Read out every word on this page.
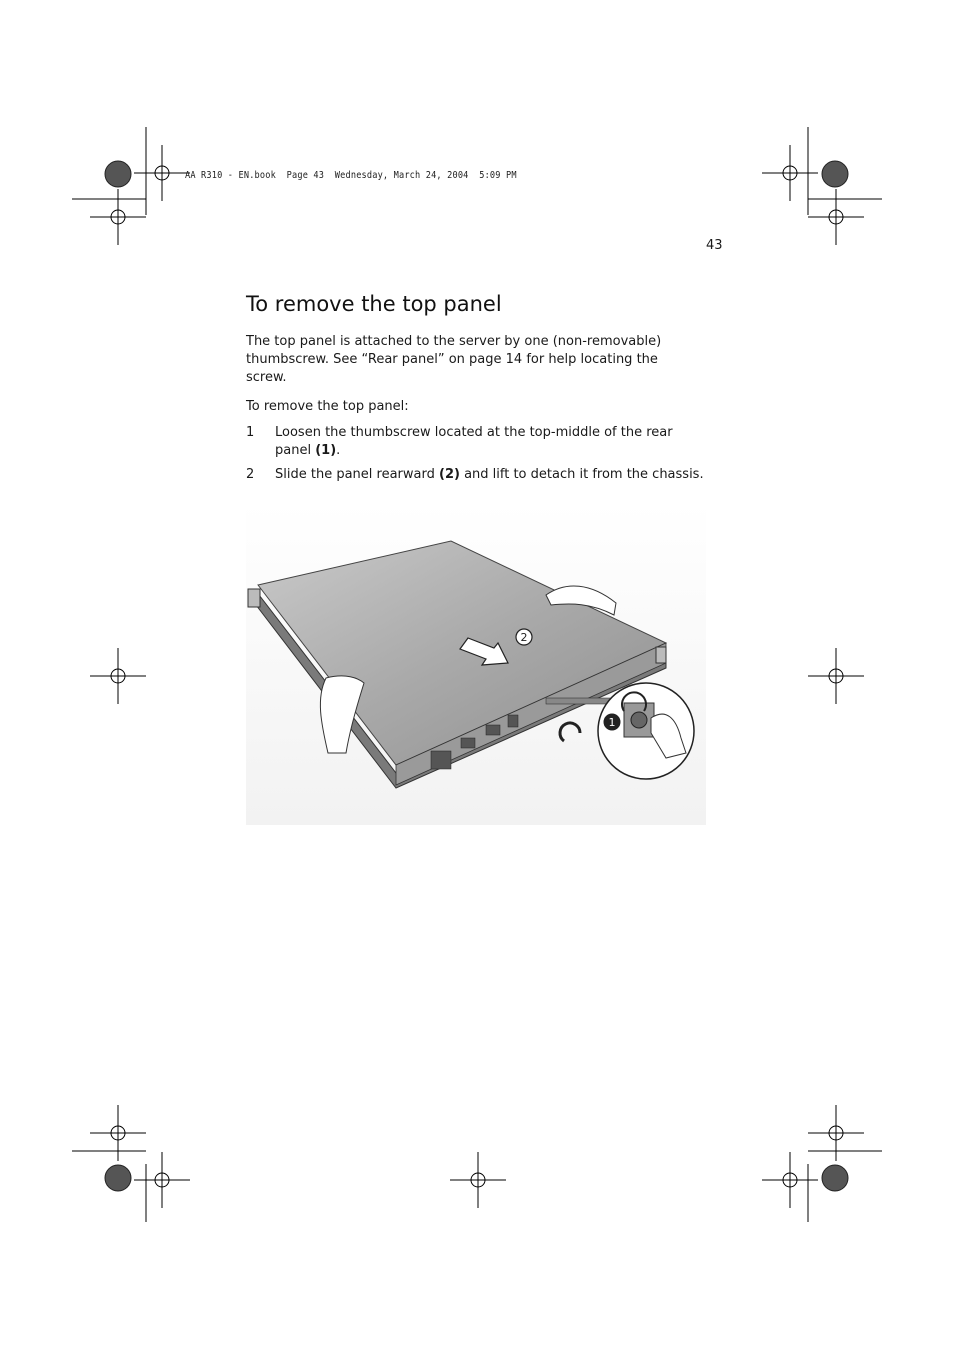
AA R310 - EN.book  Page 43  Wednesday, March 24, 2004  5:09 PM
43
To remove the top panel

The top panel is attached to the server by one (non-removable) thumbscrew. See “Rear panel” on page 14 for help locating the screw.

To remove the top panel:

1 Loosen the thumbscrew located at the top-middle of the rear panel (1).
2 Slide the panel rearward (2) and lift to detach it from the chassis.
2
1
